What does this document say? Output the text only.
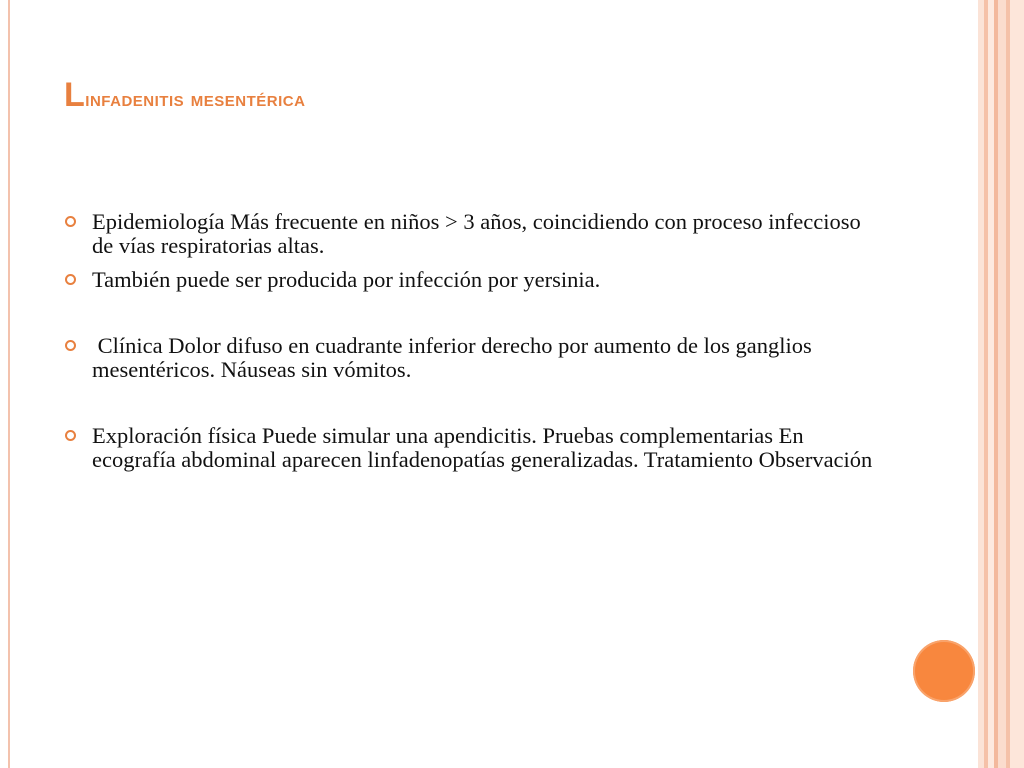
Linfadenitis mesentérica
Epidemiología Más frecuente en niños > 3 años, coincidiendo con proceso infeccioso de vías respiratorias altas.
También puede ser producida por infección por yersinia.
Clínica Dolor difuso en cuadrante inferior derecho por aumento de los ganglios mesentéricos. Náuseas sin vómitos.
Exploración física Puede simular una apendicitis. Pruebas complementarias En ecografía abdominal aparecen linfadenopatías generalizadas. Tratamiento Observación
